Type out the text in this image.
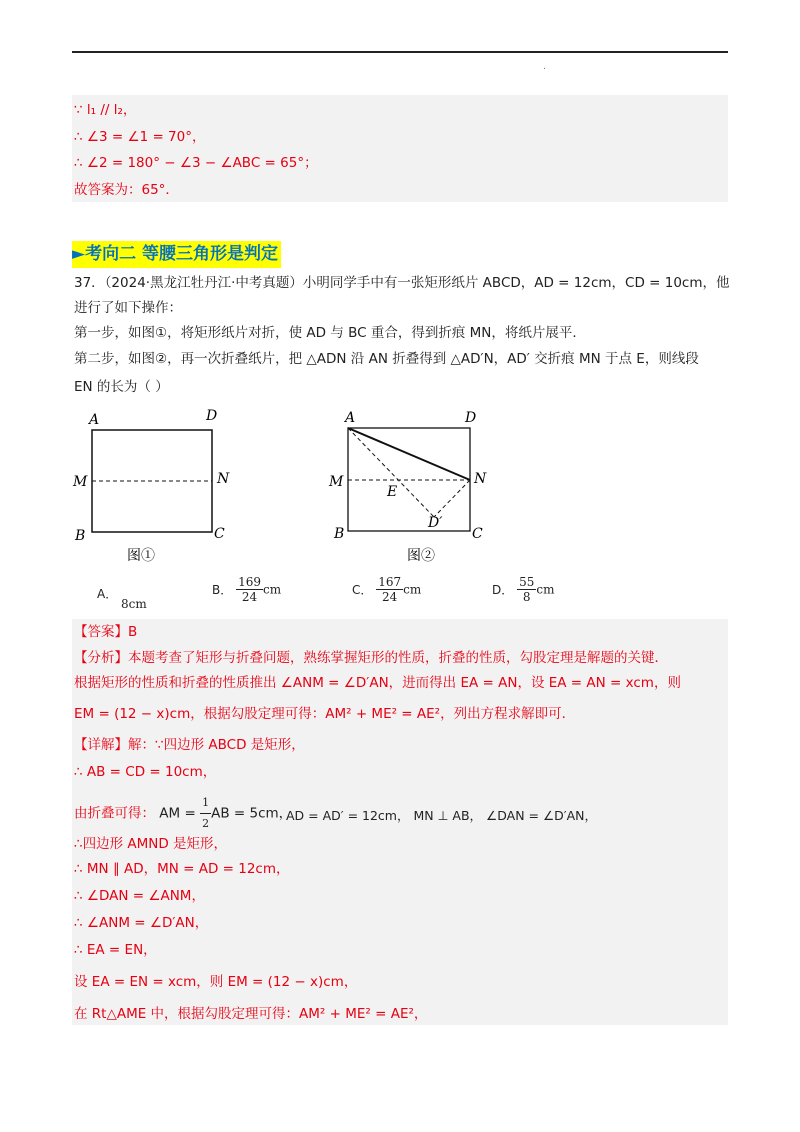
.
∵ l₁ // l₂，
∴ ∠3 = ∠1 = 70°，
∴ ∠2 = 180° − ∠3 − ∠ABC = 65°；
故答案为：65°．
►考向二 等腰三角形是判定
37．（2024·黑龙江牡丹江·中考真题）小明同学手中有一张矩形纸片 ABCD，AD = 12cm，CD = 10cm，他
进行了如下操作：
第一步，如图①，将矩形纸片对折，使 AD 与 BC 重合，得到折痕 MN，将纸片展平．
第二步，如图②，再一次折叠纸片，把 △ADN 沿 AN 折叠得到 △AD′N，AD′ 交折痕 MN 于点 E，则线段
EN 的长为（ ）
A	D
M	N
B	C
图①
A	D
M	N
E
D′
B	C
图②
A． 8cm
B． $\frac{169}{24}$ cm	C． $\frac{167}{24}$ cm	D． $\frac{55}{8}$ cm
【答案】B
【分析】本题考查了矩形与折叠问题，熟练掌握矩形的性质，折叠的性质，勾股定理是解题的关键．
根据矩形的性质和折叠的性质推出 ∠ANM = ∠D′AN，进而得出 EA = AN，设 EA = AN = xcm，则
EM = (12 − x)cm，根据勾股定理可得：AM² + ME² = AE²，列出方程求解即可．
【详解】解：∵四边形 ABCD 是矩形，
∴ AB = CD = 10cm，
由折叠可得： AM = $\frac{1}{2}$ AB = 5cm，
AD = AD′ = 12cm， MN ⊥ AB， ∠DAN = ∠D′AN，
∴四边形 AMND 是矩形，
∴ MN ∥ AD，MN = AD = 12cm，
∴ ∠DAN = ∠ANM，
∴ ∠ANM = ∠D′AN，
∴ EA = EN，
设 EA = EN = xcm，则 EM = (12 − x)cm，
在 Rt△AME 中，根据勾股定理可得：AM² + ME² = AE²，
